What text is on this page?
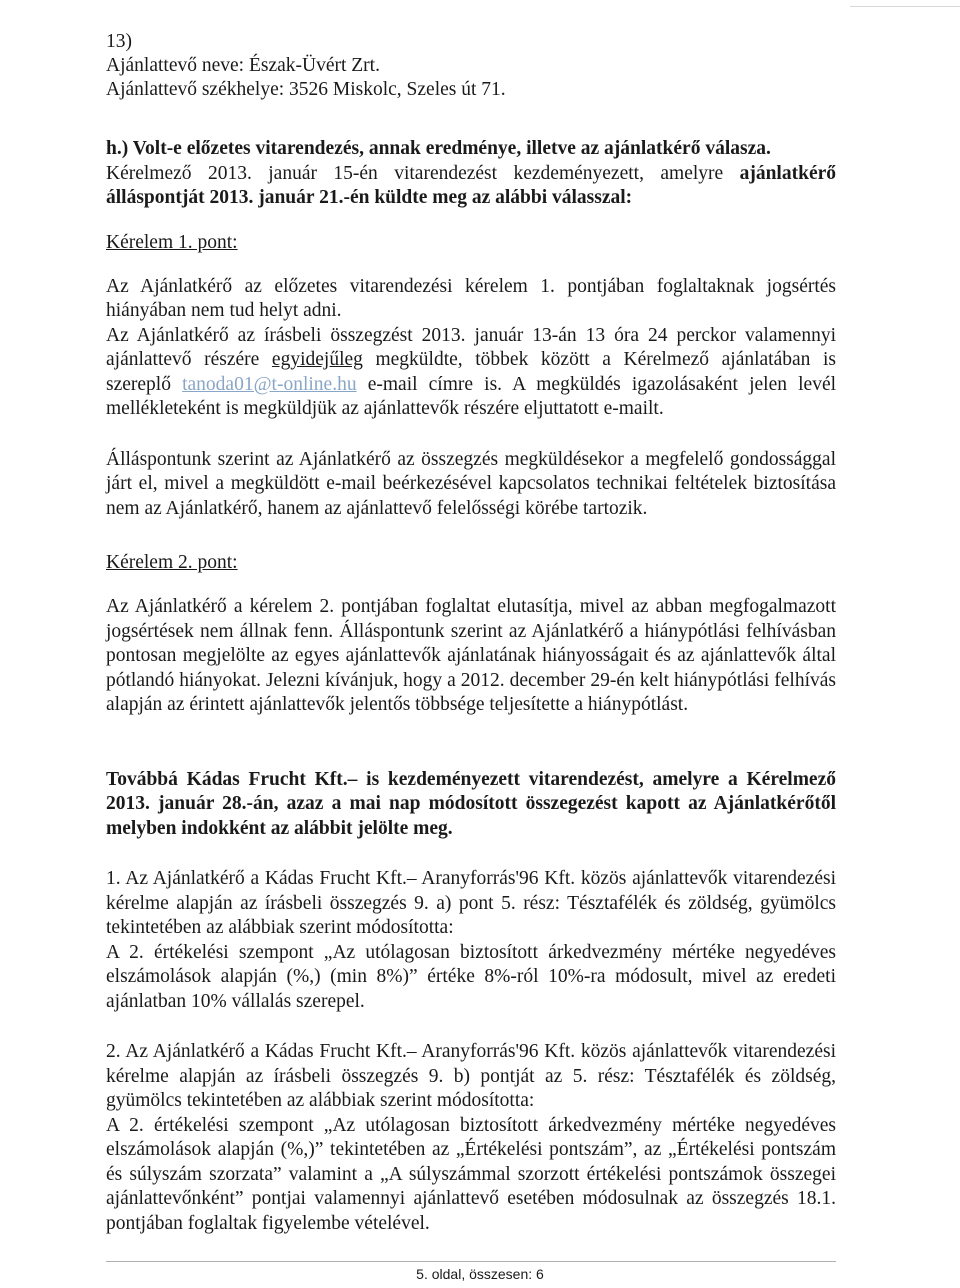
13)

Ajánlattevő neve: Észak-Üvért Zrt.

Ajánlattevő székhelye: 3526 Miskolc, Szeles út 71.

h.) Volt-e előzetes vitarendezés, annak eredménye, illetve az ajánlatkérő válasza.

Kérelmező 2013. január 15-én vitarendezést kezdeményezett, amelyre ajánlatkérő álláspontját 2013. január 21.-én küldte meg az alábbi válasszal:

Kérelem 1. pont:

Az Ajánlatkérő az előzetes vitarendezési kérelem 1. pontjában foglaltaknak jogsértés hiányában nem tud helyt adni.

Az Ajánlatkérő az írásbeli összegzést 2013. január 13-án 13 óra 24 perckor valamennyi ajánlattevő részére egyidejűleg megküldte, többek között a Kérelmező ajánlatában is szereplő tanoda01@t-online.hu e-mail címre is. A megküldés igazolásaként jelen levél mellékleteként is megküldjük az ajánlattevők részére eljuttatott e-mailt.

Álláspontunk szerint az Ajánlatkérő az összegzés megküldésekor a megfelelő gondossággal járt el, mivel a megküldött e-mail beérkezésével kapcsolatos technikai feltételek biztosítása nem az Ajánlatkérő, hanem az ajánlattevő felelősségi körébe tartozik.

Kérelem 2. pont:

Az Ajánlatkérő a kérelem 2. pontjában foglaltat elutasítja, mivel az abban megfogalmazott jogsértések nem állnak fenn. Álláspontunk szerint az Ajánlatkérő a hiánypótlási felhívásban pontosan megjelölte az egyes ajánlattevők ajánlatának hiányosságait és az ajánlattevők által pótlandó hiányokat. Jelezni kívánjuk, hogy a 2012. december 29-én kelt hiánypótlási felhívás alapján az érintett ajánlattevők jelentős többsége teljesítette a hiánypótlást.

Továbbá Kádas Frucht Kft.– is kezdeményezett vitarendezést, amelyre a Kérelmező 2013. január 28.-án, azaz a mai nap módosított összegezést kapott az Ajánlatkérőtől melyben indokként az alábbit jelölte meg.

1. Az Ajánlatkérő a Kádas Frucht Kft.– Aranyforrás'96 Kft. közös ajánlattevők vitarendezési kérelme alapján az írásbeli összegzés 9. a) pont 5. rész: Tésztafélék és zöldség, gyümölcs tekintetében az alábbiak szerint módosította:

A 2. értékelési szempont „Az utólagosan biztosított árkedvezmény mértéke negyedéves elszámolások alapján (%,) (min 8%)” értéke 8%-ról 10%-ra módosult, mivel az eredeti ajánlatban 10% vállalás szerepel.

2. Az Ajánlatkérő a Kádas Frucht Kft.– Aranyforrás'96 Kft. közös ajánlattevők vitarendezési kérelme alapján az írásbeli összegzés 9. b) pontját az 5. rész: Tésztafélék és zöldség, gyümölcs tekintetében az alábbiak szerint módosította:

A 2. értékelési szempont „Az utólagosan biztosított árkedvezmény mértéke negyedéves elszámolások alapján (%,)” tekintetében az „Értékelési pontszám”, az „Értékelési pontszám és súlyszám szorzata” valamint a „A súlyszámmal szorzott értékelési pontszámok összegei ajánlattevőnként” pontjai valamennyi ajánlattevő esetében módosulnak az összegzés 18.1. pontjában foglaltak figyelembe vételével.

5. oldal, összesen: 6
